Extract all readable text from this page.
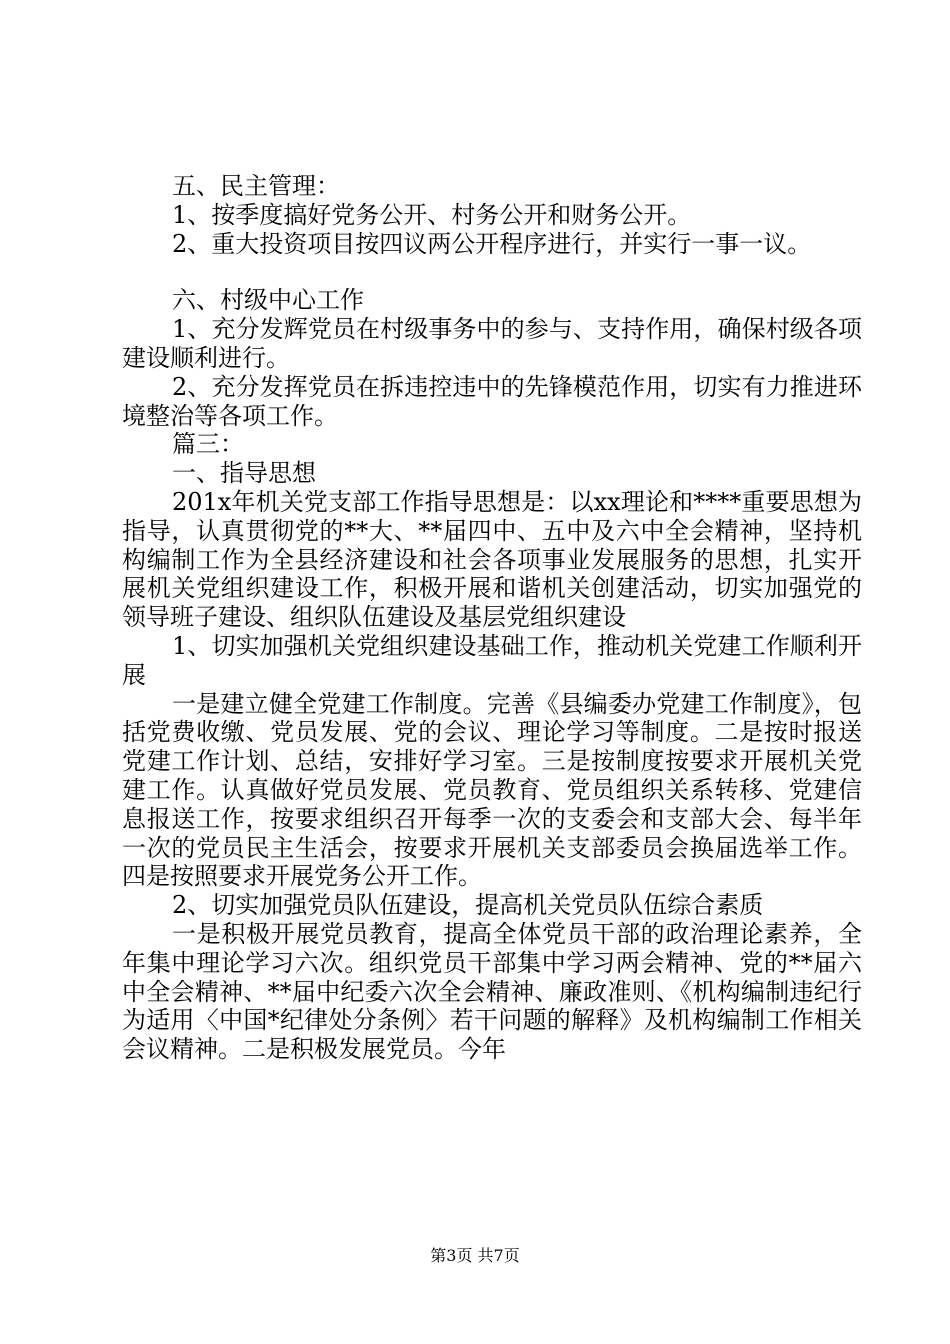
五、民主管理：

1、按季度搞好党务公开、村务公开和财务公开。

2、重大投资项目按四议两公开程序进行，并实行一事一议。

六、村级中心工作

1、充分发辉党员在村级事务中的参与、支持作用，确保村级各项建设顺利进行。

2、充分发挥党员在拆违控违中的先锋模范作用，切实有力推进环境整治等各项工作。

篇三：

一、指导思想

201x年机关党支部工作指导思想是：以xx理论和****重要思想为指导，认真贯彻党的**大、**届四中、五中及六中全会精神，坚持机构编制工作为全县经济建设和社会各项事业发展服务的思想，扎实开展机关党组织建设工作，积极开展和谐机关创建活动，切实加强党的领导班子建设、组织队伍建设及基层党组织建设

1、切实加强机关党组织建设基础工作，推动机关党建工作顺利开展

一是建立健全党建工作制度。完善《县编委办党建工作制度》，包括党费收缴、党员发展、党的会议、理论学习等制度。二是按时报送党建工作计划、总结，安排好学习室。三是按制度按要求开展机关党建工作。认真做好党员发展、党员教育、党员组织关系转移、党建信息报送工作，按要求组织召开每季一次的支委会和支部大会、每半年一次的党员民主生活会，按要求开展机关支部委员会换届选举工作。四是按照要求开展党务公开工作。

2、切实加强党员队伍建设，提高机关党员队伍综合素质

一是积极开展党员教育，提高全体党员干部的政治理论素养，全年集中理论学习六次。组织党员干部集中学习两会精神、党的**届六中全会精神、**届中纪委六次全会精神、廉政准则、《机构编制违纪行为适用〈中国*纪律处分条例〉若干问题的解释》及机构编制工作相关会议精神。二是积极发展党员。今年

第3页 共7页
